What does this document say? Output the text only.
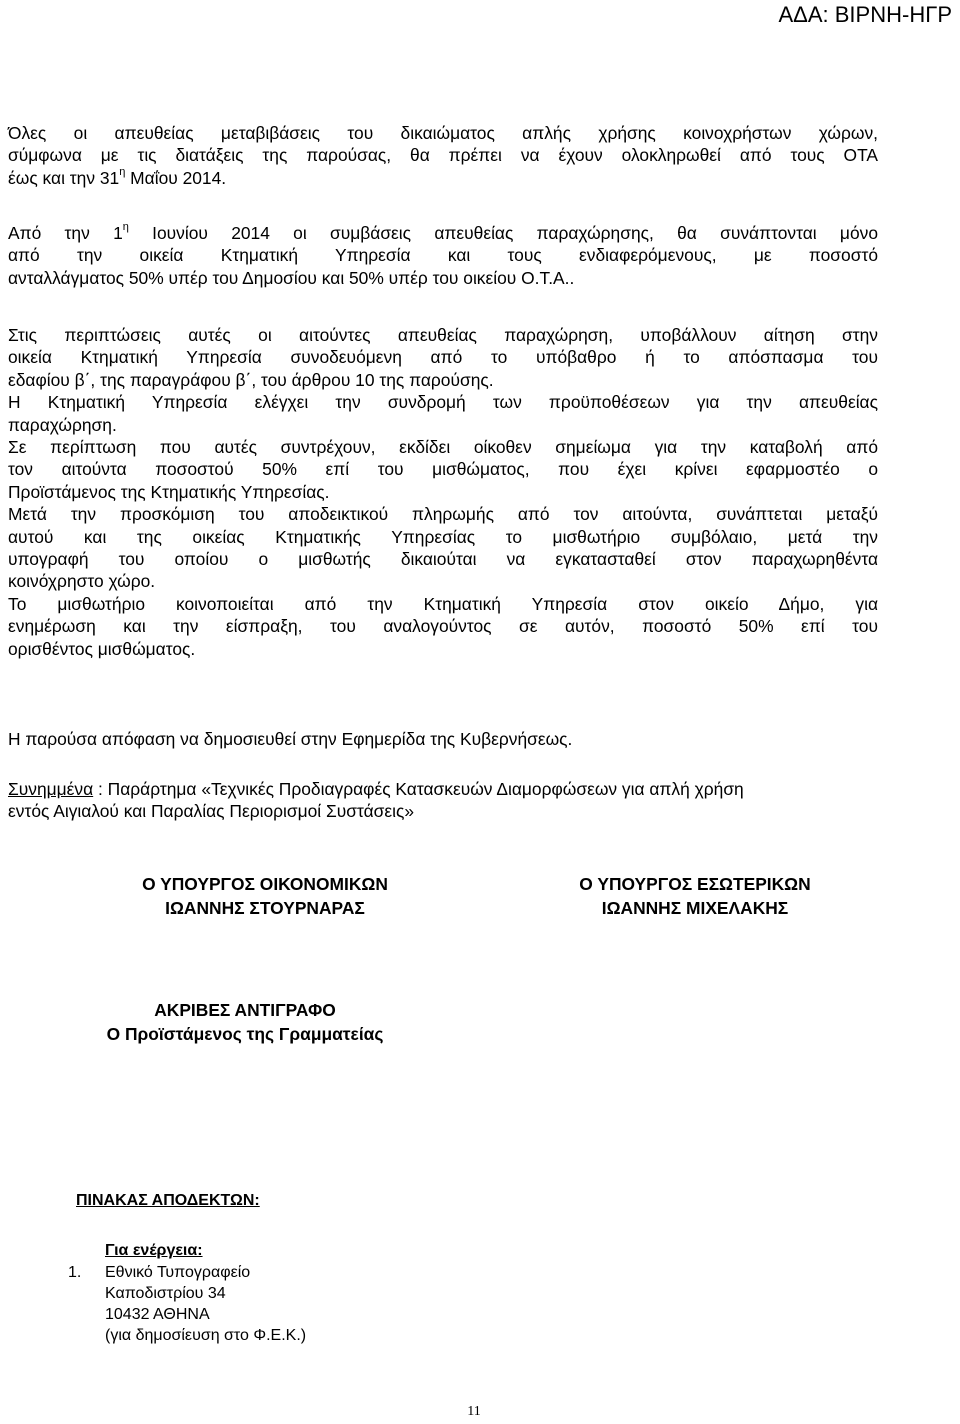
ΑΔΑ: ΒΙΡΝΗ-ΗΓΡ
Όλες οι απευθείας μεταβιβάσεις του δικαιώματος απλής χρήσης κοινοχρήστων χώρων,
σύμφωνα με τις διατάξεις της παρούσας, θα πρέπει να έχουν ολοκληρωθεί από τους ΟΤΑ
έως και την $31^\eta$ Μαΐου 2014.
Από την $1^\eta$ Ιουνίου 2014 οι συμβάσεις απευθείας παραχώρησης, θα συνάπτονται μόνο
από την οικεία Κτηματική Υπηρεσία και τους ενδιαφερόμενους, με ποσοστό
ανταλλάγματος 50% υπέρ του Δημοσίου και 50% υπέρ του οικείου Ο.Τ.Α..
Στις περιπτώσεις αυτές οι αιτούντες απευθείας παραχώρηση, υποβάλλουν αίτηση στην
οικεία Κτηματική Υπηρεσία συνοδευόμενη από το υπόβαθρο ή το απόσπασμα του
εδαφίου β΄, της παραγράφου β΄, του άρθρου 10 της παρούσης.
Η Κτηματική Υπηρεσία ελέγχει την συνδρομή των προϋποθέσεων για την απευθείας
παραχώρηση.
Σε περίπτωση που αυτές συντρέχουν, εκδίδει οίκοθεν σημείωμα για την καταβολή από
τον αιτούντα ποσοστού 50% επί του μισθώματος, που έχει κρίνει εφαρμοστέο ο
Προϊστάμενος της Κτηματικής Υπηρεσίας.
Μετά την προσκόμιση του αποδεικτικού πληρωμής από τον αιτούντα, συνάπτεται μεταξύ
αυτού και της οικείας Κτηματικής Υπηρεσίας το μισθωτήριο συμβόλαιο, μετά την
υπογραφή του οποίου ο μισθωτής δικαιούται να εγκατασταθεί στον παραχωρηθέντα
κοινόχρηστο χώρο.
Το μισθωτήριο κοινοποιείται από την Κτηματική Υπηρεσία στον οικείο Δήμο, για
ενημέρωση και την είσπραξη, του αναλογούντος σε αυτόν, ποσοστό 50% επί του
ορισθέντος μισθώματος.
Η παρούσα απόφαση να δημοσιευθεί στην Εφημερίδα της Κυβερνήσεως.
Συνημμένα : Παράρτημα «Τεχνικές Προδιαγραφές Κατασκευών Διαμορφώσεων για απλή χρήση
εντός Αιγιαλού και Παραλίας Περιορισμοί Συστάσεις»
Ο ΥΠΟΥΡΓΟΣ ΟΙΚΟΝΟΜΙΚΩΝ
ΙΩΑΝΝΗΣ ΣΤΟΥΡΝΑΡΑΣ
Ο ΥΠΟΥΡΓΟΣ ΕΣΩΤΕΡΙΚΩΝ
ΙΩΑΝΝΗΣ ΜΙΧΕΛΑΚΗΣ
ΑΚΡΙΒΕΣ ΑΝΤΙΓΡΑΦΟ
Ο Προϊστάμενος της Γραμματείας
ΠΙΝΑΚΑΣ ΑΠΟΔΕΚΤΩΝ:
Για ενέργεια:
1. Εθνικό Τυπογραφείο
Καποδιστρίου 34
10432 ΑΘΗΝΑ
(για δημοσίευση στο Φ.Ε.Κ.)
11
